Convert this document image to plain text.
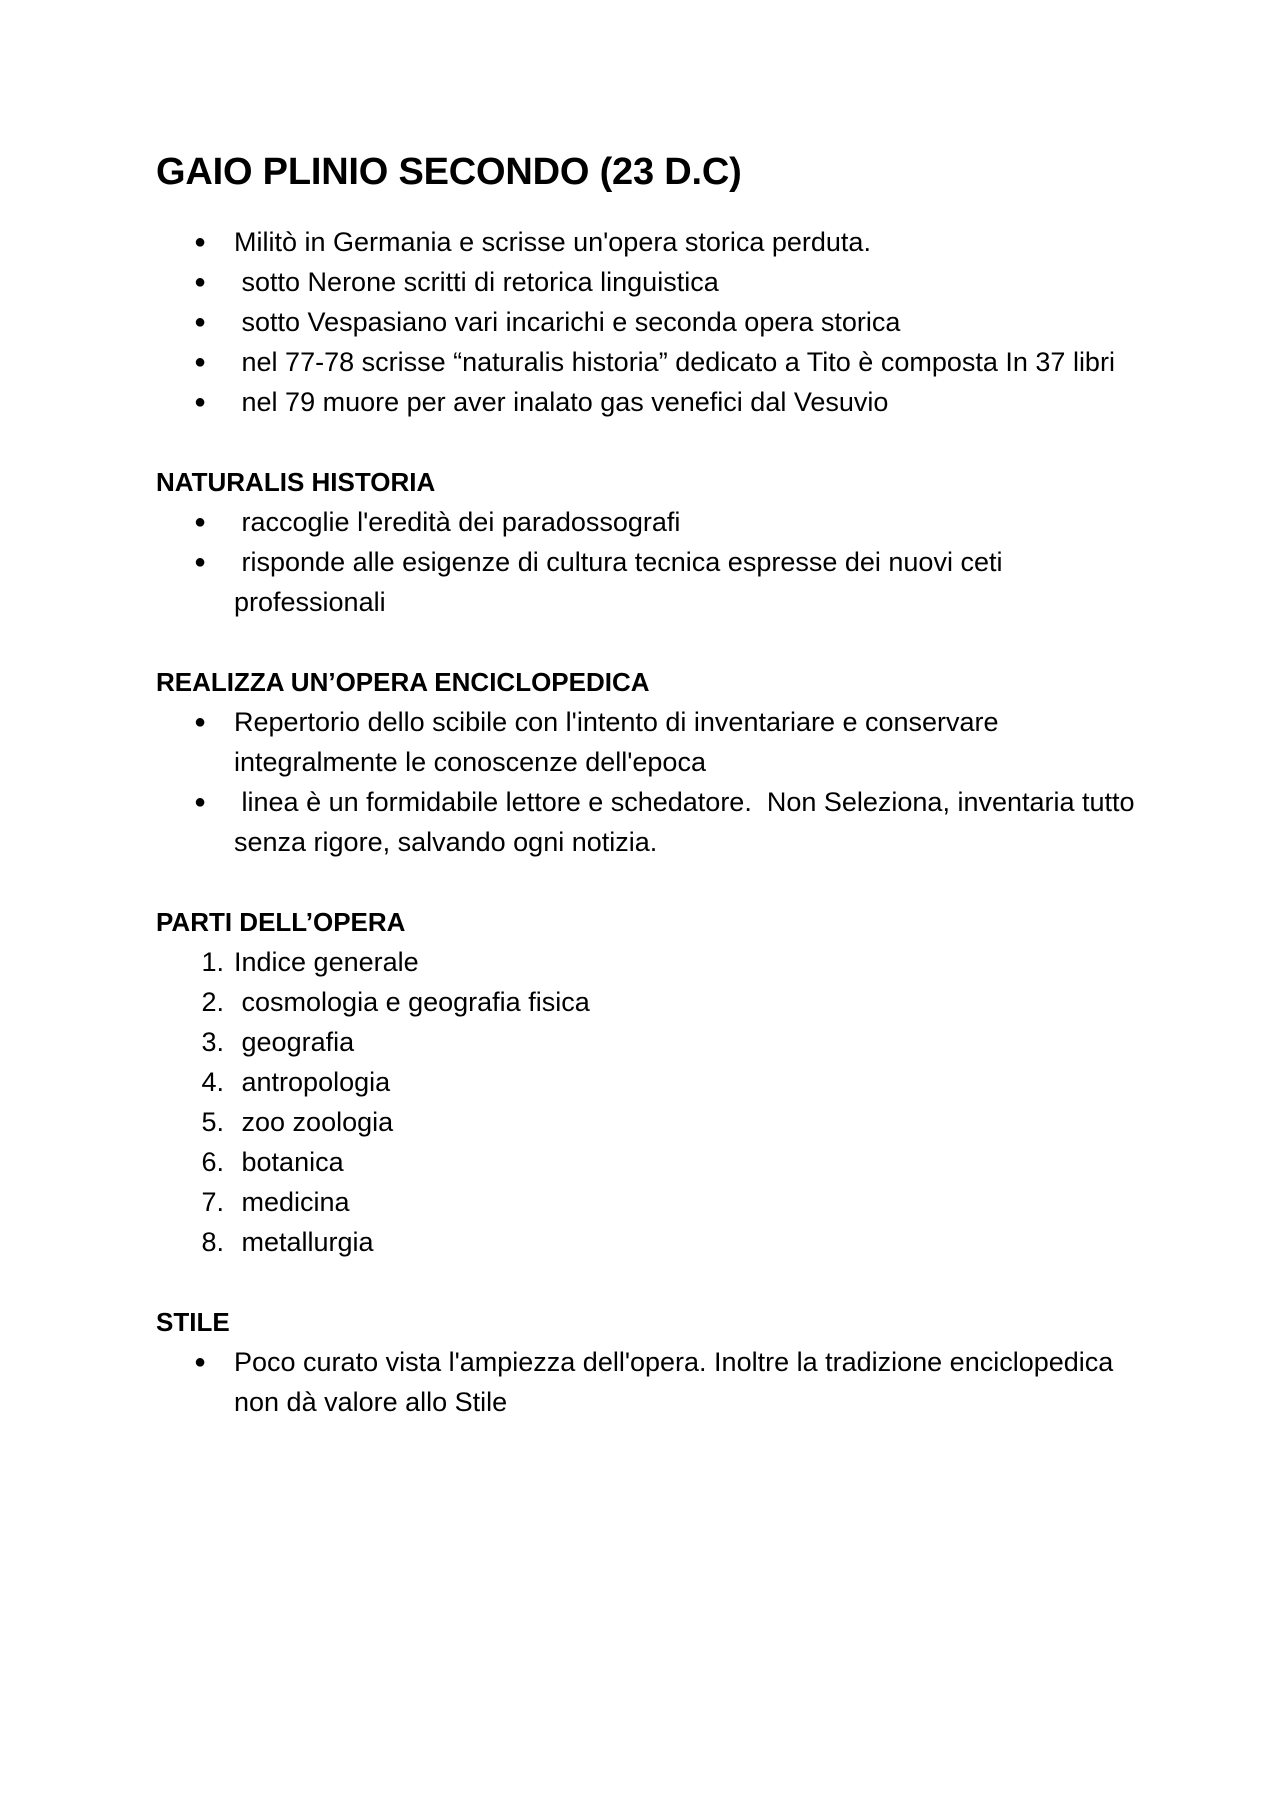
GAIO PLINIO SECONDO (23 D.C)
● Militò in Germania e scrisse un'opera storica perduta.
● sotto Nerone scritti di retorica linguistica
● sotto Vespasiano vari incarichi e seconda opera storica
● nel 77-78 scrisse “naturalis historia” dedicato a Tito è composta In 37 libri
● nel 79 muore per aver inalato gas venefici dal Vesuvio
NATURALIS HISTORIA
● raccoglie l'eredità dei paradossografi
● risponde alle esigenze di cultura tecnica espresse dei nuovi ceti professionali
REALIZZA UN’OPERA ENCICLOPEDICA
● Repertorio dello scibile con l'intento di inventariare e conservare integralmente le conoscenze dell'epoca
● linea è un formidabile lettore e schedatore.  Non Seleziona, inventaria tutto senza rigore, salvando ogni notizia.
PARTI DELL’OPERA
1. Indice generale
2. cosmologia e geografia fisica
3. geografia
4. antropologia
5. zoo zoologia
6. botanica
7. medicina
8. metallurgia
STILE
● Poco curato vista l'ampiezza dell'opera. Inoltre la tradizione enciclopedica non dà valore allo Stile
